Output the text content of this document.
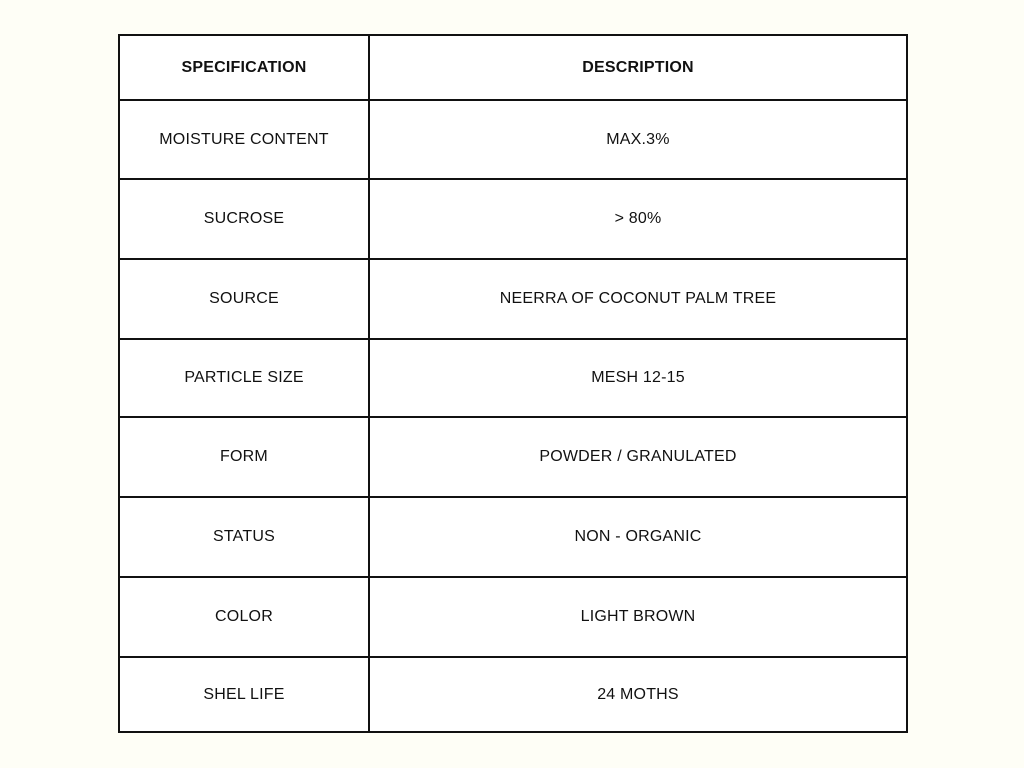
SPECIFICATION	DESCRIPTION
MOISTURE CONTENT	MAX.3%
SUCROSE	> 80%
SOURCE	NEERRA OF COCONUT PALM TREE
PARTICLE SIZE	MESH 12-15
FORM	POWDER / GRANULATED
STATUS	NON - ORGANIC
COLOR	LIGHT BROWN
SHEL LIFE	24 MOTHS
